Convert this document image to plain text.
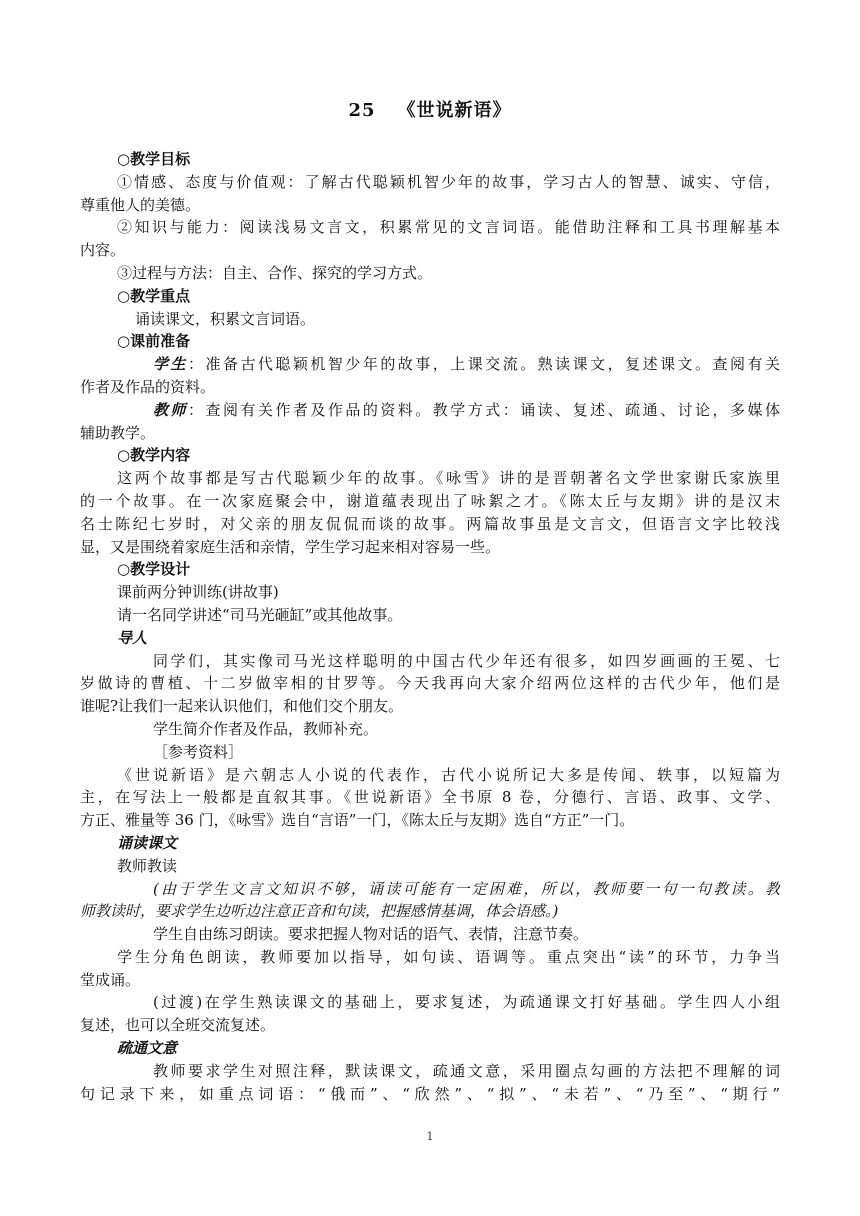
25 《世说新语》
○教学目标
①情感、态度与价值观：了解古代聪颖机智少年的故事，学习古人的智慧、诚实、守信，
尊重他人的美德。
②知识与能力：阅读浅易文言文，积累常见的文言词语。能借助注释和工具书理解基本
内容。
③过程与方法：自主、合作、探究的学习方式。
○教学重点
诵读课文，积累文言词语。
○课前准备
学生：准备古代聪颖机智少年的故事，上课交流。熟读课文，复述课文。查阅有关
作者及作品的资料。
教师：查阅有关作者及作品的资料。教学方式：诵读、复述、疏通、讨论，多媒体
辅助教学。
○教学内容
这两个故事都是写古代聪颖少年的故事。《咏雪》讲的是晋朝著名文学世家谢氏家族里
的一个故事。在一次家庭聚会中，谢道蕴表现出了咏絮之才。《陈太丘与友期》讲的是汉末
名士陈纪七岁时，对父亲的朋友侃侃而谈的故事。两篇故事虽是文言文，但语言文字比较浅
显，又是围绕着家庭生活和亲情，学生学习起来相对容易一些。
○教学设计
课前两分钟训练(讲故事)
请一名同学讲述“司马光砸缸”或其他故事。
导人
同学们，其实像司马光这样聪明的中国古代少年还有很多，如四岁画画的王冕、七
岁做诗的曹植、十二岁做宰相的甘罗等。今天我再向大家介绍两位这样的古代少年，他们是
谁呢?让我们一起来认识他们，和他们交个朋友。
学生简介作者及作品，教师补充。
［参考资料］
《世说新语》是六朝志人小说的代表作，古代小说所记大多是传闻、轶事，以短篇为
主，在写法上一般都是直叙其事。《世说新语》全书原 8 卷，分德行、言语、政事、文学、
方正、雅量等 36 门，《咏雪》选自“言语”一门，《陈太丘与友期》选自“方正”一门。
诵读课文
教师教读
(由于学生文言文知识不够，诵读可能有一定困难，所以，教师要一句一句教读。教
师教读时，要求学生边听边注意正音和句读，把握感情基调，体会语感。)
学生自由练习朗读。要求把握人物对话的语气、表情，注意节奏。
学生分角色朗读，教师要加以指导，如句读、语调等。重点突出“读”的环节，力争当
堂成诵。
(过渡)在学生熟读课文的基础上，要求复述，为疏通课文打好基础。学生四人小组
复述，也可以全班交流复述。
疏通文意
教师要求学生对照注释，默读课文，疏通文意，采用圈点勾画的方法把不理解的词
句记录下来，如重点词语：“俄而”、“欣然”、“拟”、“未若”、“乃至”、“期行”
1
